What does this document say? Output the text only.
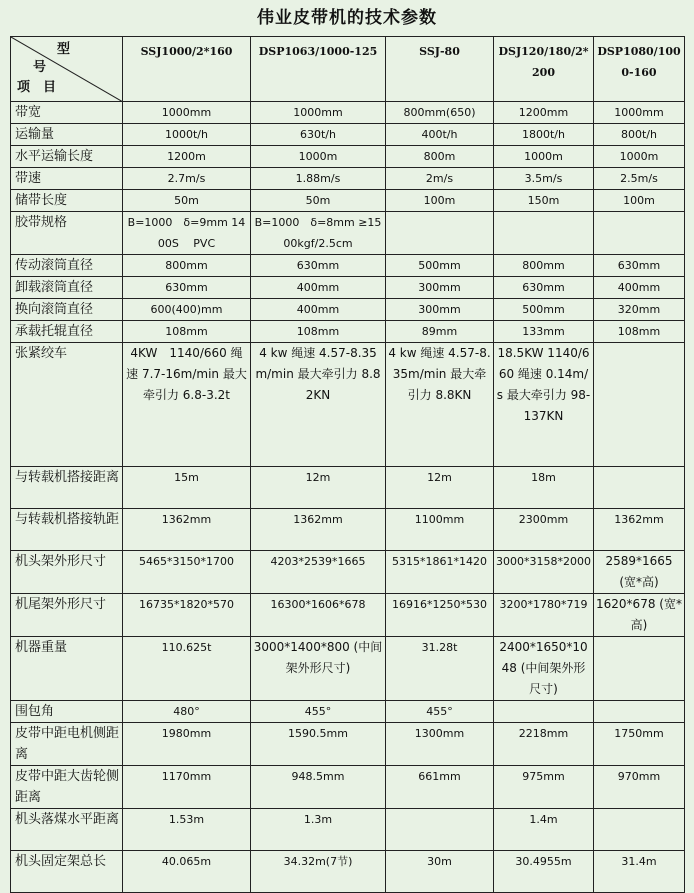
伟业皮带机的技术参数
型
号
项　目	SSJ1000/2*160	DSP1063/1000-125	SSJ-80	DSJ120/180/2*200	DSP1080/1000-160
带宽	1000mm	1000mm	800mm(650)	1200mm	1000mm
运输量	1000t/h	630t/h	400t/h	1800t/h	800t/h
水平运输长度	1200m	1000m	800m	1000m	1000m
带速	2.7m/s	1.88m/s	2m/s	3.5m/s	2.5m/s
储带长度	50m	50m	100m	150m	100m
胶带规格	B=1000　δ=9mm 1400S　 PVC	B=1000　δ=8mm ≥1500kgf/2.5cm			
传动滚筒直径	800mm	630mm	500mm	800mm	630mm
卸载滚筒直径	630mm	400mm	300mm	630mm	400mm
换向滚筒直径	600(400)mm	400mm	300mm	500mm	320mm
承载托辊直径	108mm	108mm	89mm	133mm	108mm
张紧绞车	4KW　1140/660 绳速 7.7-16m/min 最大牵引力 6.8-3.2t	4 kw 绳速 4.57-8.35m/min 最大牵引力 8.82KN	4 kw 绳速 4.57-8.35m/min 最大牵引力 8.8KN	18.5KW 1140/660 绳速 0.14m/s 最大牵引力 98-137KN	
与转载机搭接距离	15m	12m	12m	18m	
与转载机搭接轨距	1362mm	1362mm	1100mm	2300mm	1362mm
机头架外形尺寸	5465*3150*1700	4203*2539*1665	5315*1861*1420	3000*3158*2000	2589*1665 (宽*高)
机尾架外形尺寸	16735*1820*570	16300*1606*678	16916*1250*530	3200*1780*719	1620*678 (宽*高)
机器重量	110.625t	3000*1400*800 (中间架外形尺寸)	31.28t	2400*1650*1048 (中间架外形尺寸)	
围包角	480°	455°	455°		
皮带中距电机侧距离	1980mm	1590.5mm	1300mm	2218mm	1750mm
皮带中距大齿轮侧距离	1170mm	948.5mm	661mm	975mm	970mm
机头落煤水平距离	1.53m	1.3m		1.4m	
机头固定架总长	40.065m	34.32m(7节)	30m	30.4955m	31.4m
